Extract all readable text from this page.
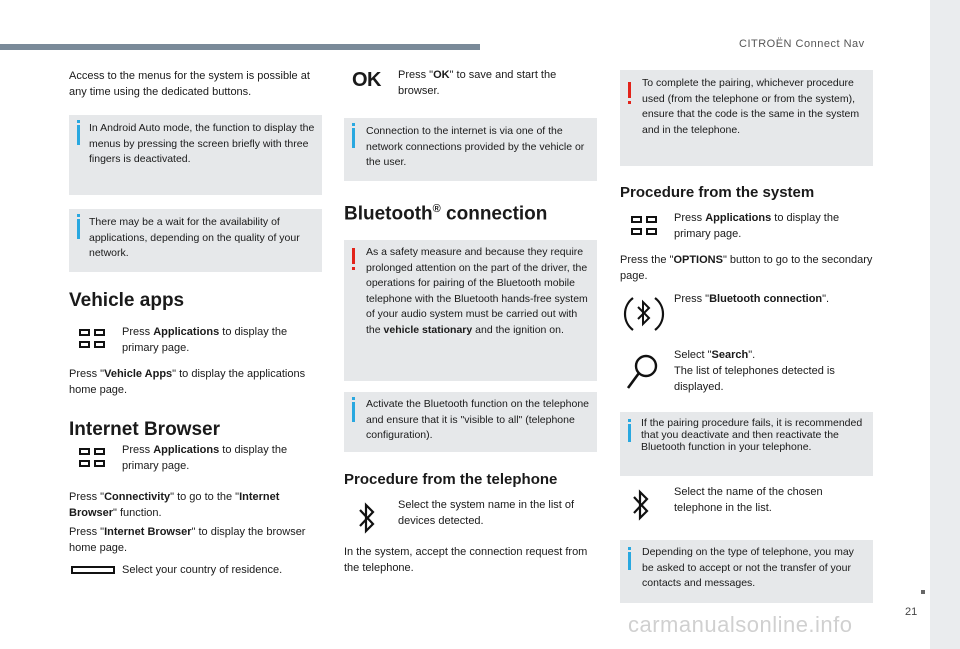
CITROËN Connect Nav
Access to the menus for the system is possible at any time using the dedicated buttons.
In Android Auto mode, the function to display the menus by pressing the screen briefly with three fingers is deactivated.
There may be a wait for the availability of applications, depending on the quality of your network.
Vehicle apps
Press Applications to display the primary page.
Press "Vehicle Apps" to display the applications home page.
Internet Browser
Press Applications to display the primary page.
Press "Connectivity" to go to the "Internet Browser" function.
Press "Internet Browser" to display the browser home page.
Select your country of residence.
OK Press "OK" to save and start the browser.
Connection to the internet is via one of the network connections provided by the vehicle or the user.
Bluetooth® connection
As a safety measure and because they require prolonged attention on the part of the driver, the operations for pairing of the Bluetooth mobile telephone with the Bluetooth hands-free system of your audio system must be carried out with the vehicle stationary and the ignition on.
Activate the Bluetooth function on the telephone and ensure that it is "visible to all" (telephone configuration).
Procedure from the telephone
Select the system name in the list of devices detected.
In the system, accept the connection request from the telephone.
To complete the pairing, whichever procedure used (from the telephone or from the system), ensure that the code is the same in the system and in the telephone.
Procedure from the system
Press Applications to display the primary page.
Press the "OPTIONS" button to go to the secondary page.
Press "Bluetooth connection".
Select "Search".
The list of telephones detected is displayed.
If the pairing procedure fails, it is recommended that you deactivate and then reactivate the Bluetooth function in your telephone.
Select the name of the chosen telephone in the list.
Depending on the type of telephone, you may be asked to accept or not the transfer of your contacts and messages.
21
carmanualsonline.info
